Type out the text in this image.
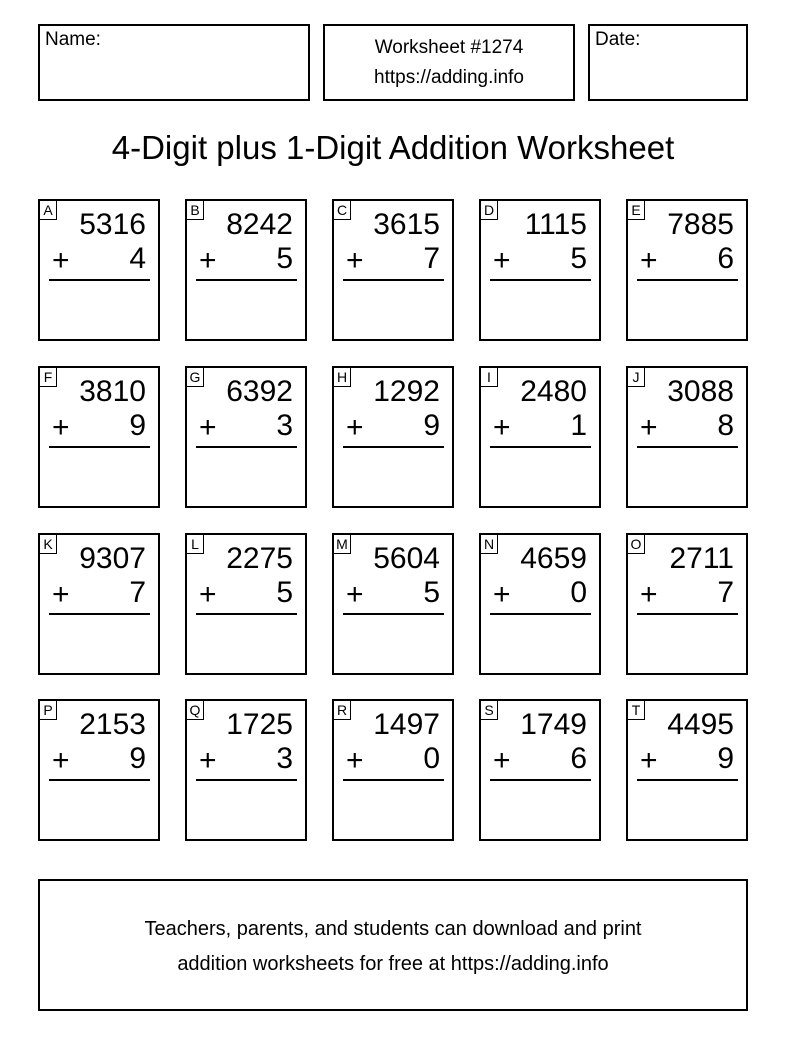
Name:	Worksheet #1274
https://adding.info
Date:
4-Digit plus 1-Digit Addition Worksheet
A 5316
+ 4
B 8242
+ 5
C 3615
+ 7
D 1115
+ 5
E 7885
+ 6
F 3810
+ 9
G 6392
+ 3
H 1292
+ 9
I 2480
+ 1
J 3088
+ 8
K 9307
+ 7
L 2275
+ 5
M 5604
+ 5
N 4659
+ 0
O 2711
+ 7
P 2153
+ 9
Q 1725
+ 3
R 1497
+ 0
S 1749
+ 6
T 4495
+ 9
Teachers, parents, and students can download and print
addition worksheets for free at https://adding.info
